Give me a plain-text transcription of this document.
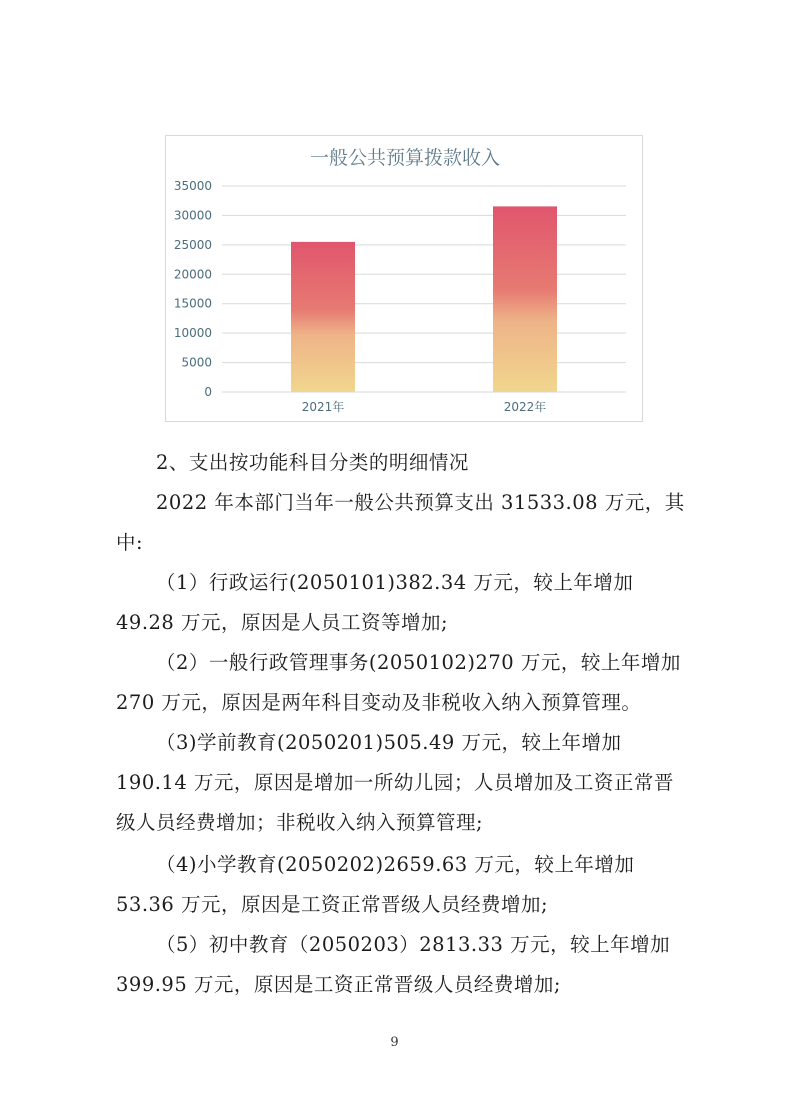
一般公共预算拨款收入
0
5000
10000
15000
20000
25000
30000
35000
2021年	2022年

2、支出按功能科目分类的明细情况

2022 年本部门当年一般公共预算支出 31533.08 万元，其中:

（1）行政运行(2050101)382.34 万元，较上年增加 49.28 万元，原因是人员工资等增加;

（2）一般行政管理事务(2050102)270 万元，较上年增加 270 万元，原因是两年科目变动及非税收入纳入预算管理。

（3)学前教育(2050201)505.49 万元，较上年增加 190.14 万元，原因是增加一所幼儿园；人员增加及工资正常晋级人员经费增加；非税收入纳入预算管理;

（4)小学教育(2050202)2659.63 万元，较上年增加 53.36 万元，原因是工资正常晋级人员经费增加;

（5）初中教育（2050203）2813.33 万元，较上年增加 399.95 万元，原因是工资正常晋级人员经费增加;

9
